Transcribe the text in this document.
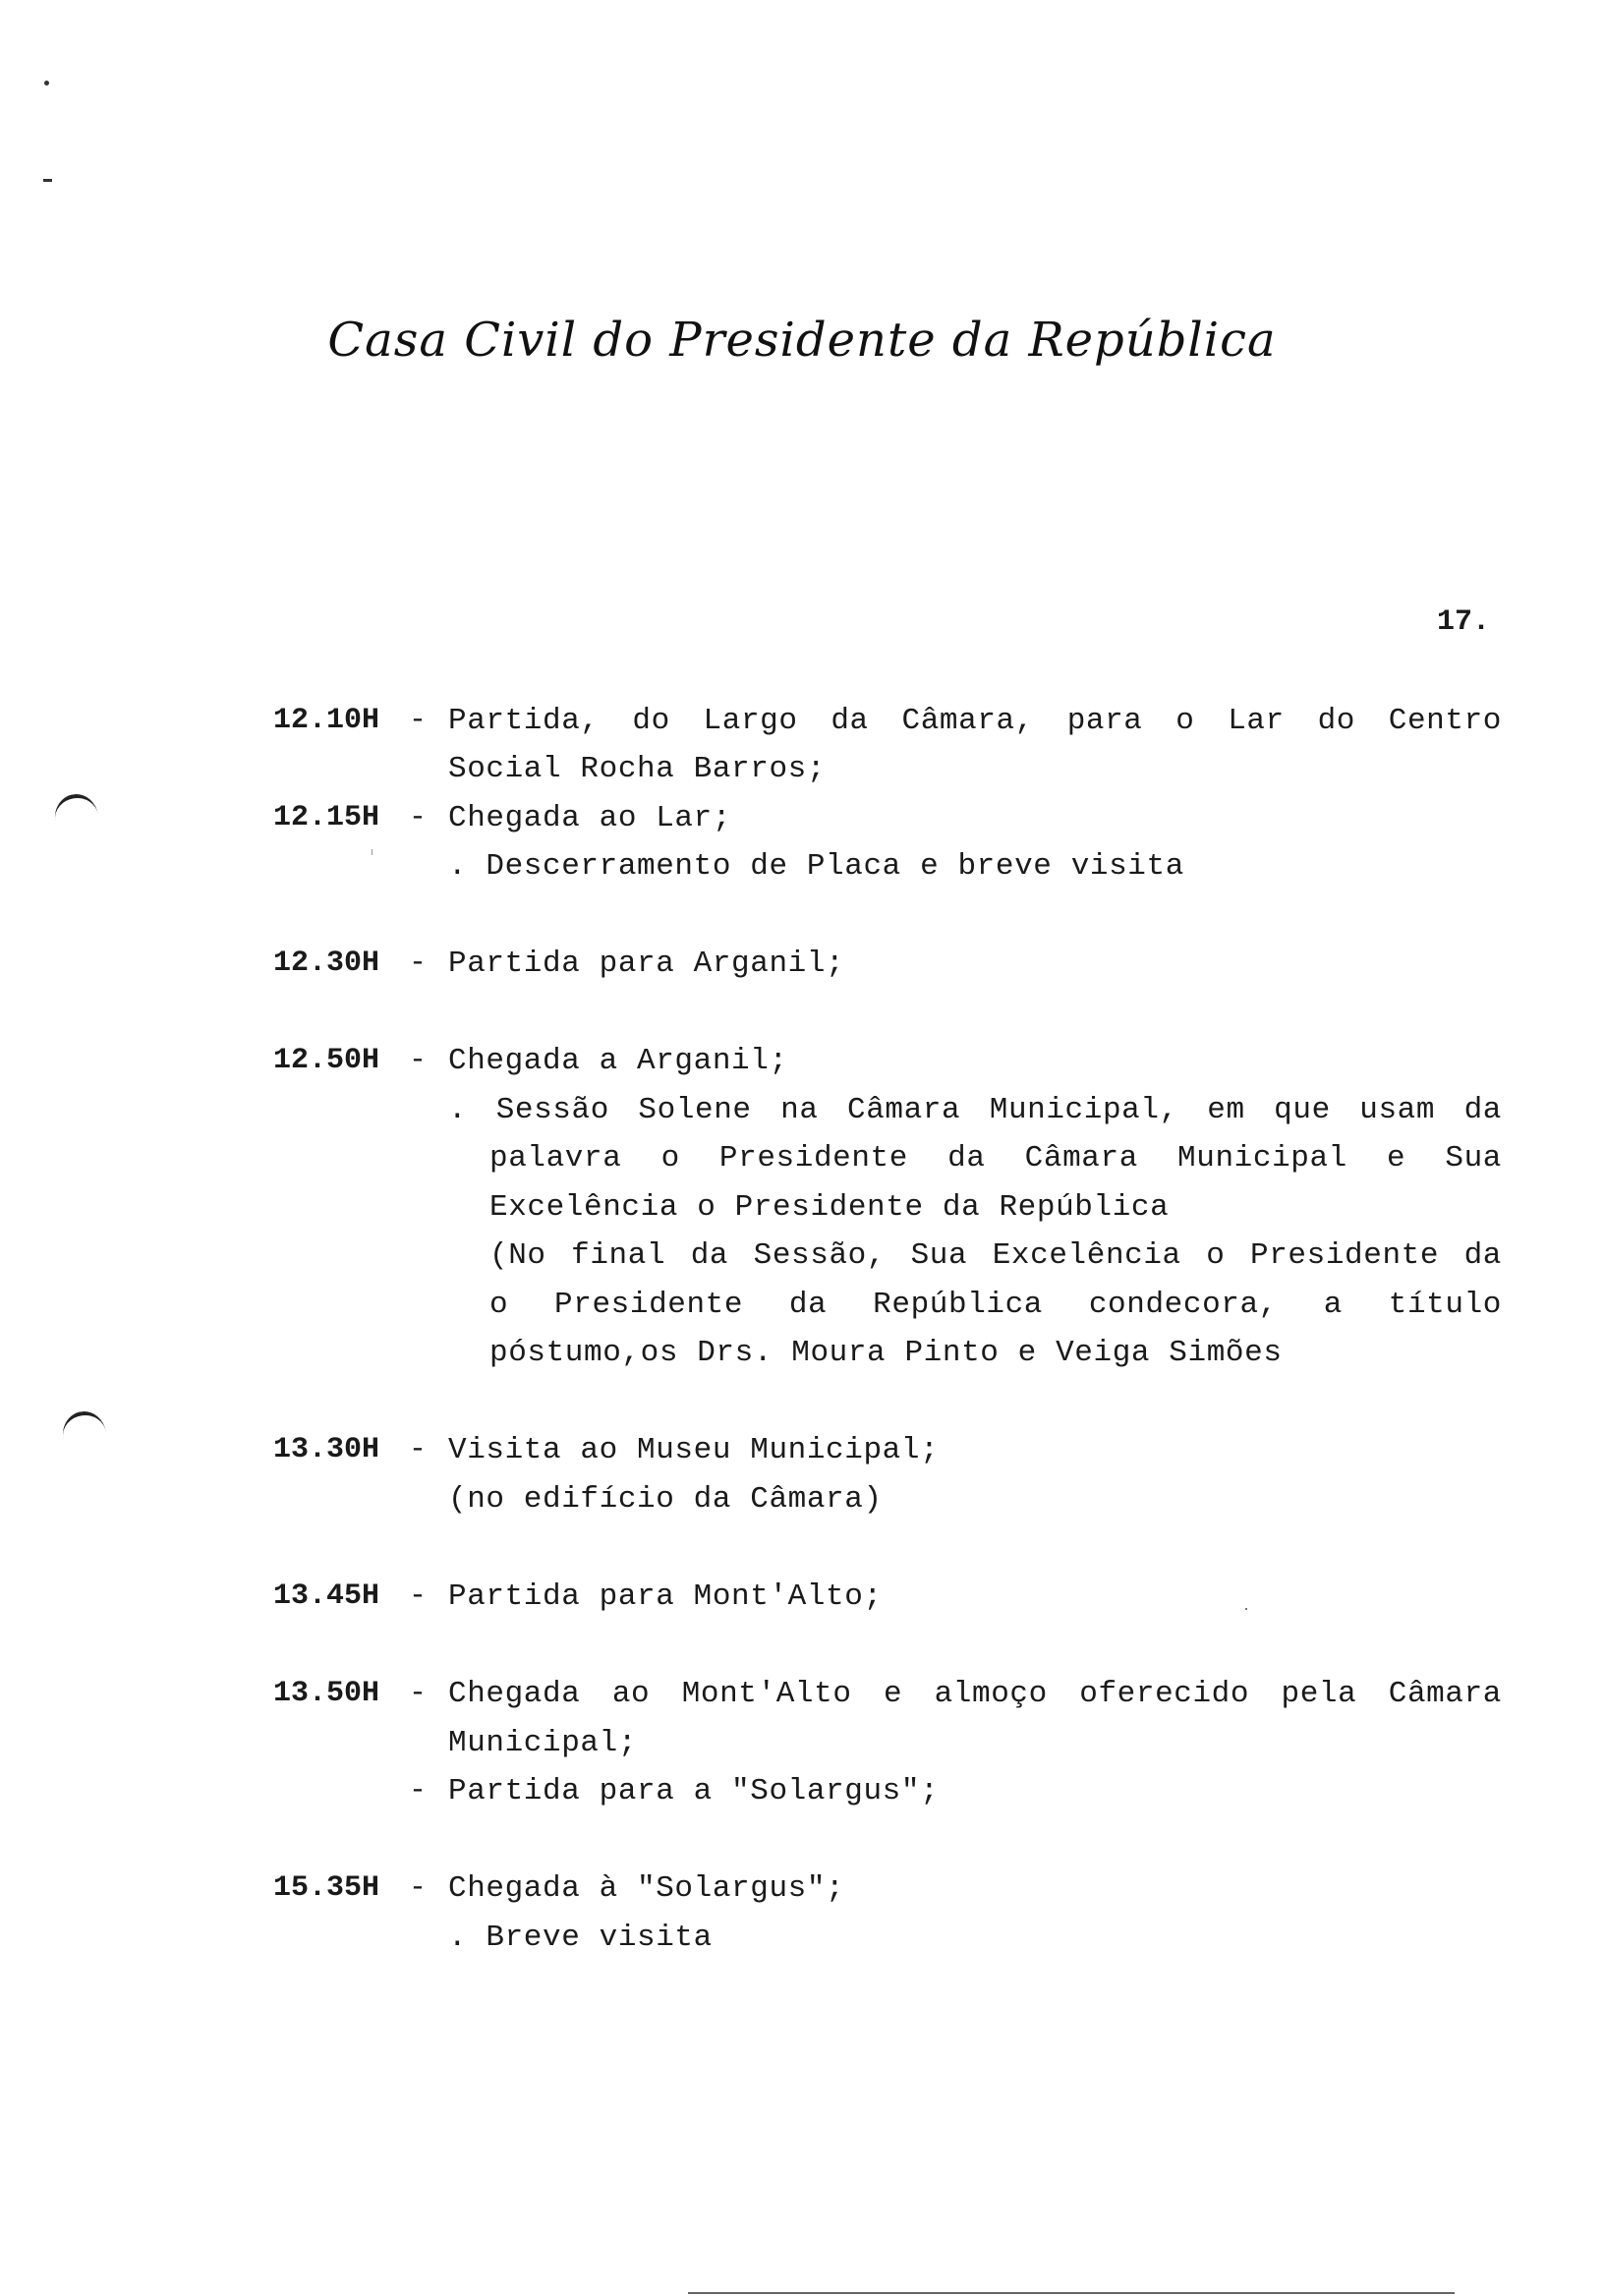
Casa Civil do Presidente da República
17.
12.10H - Partida, do Largo da Câmara, para o Lar do Centro
Social Rocha Barros;
12.15H - Chegada ao Lar;
. Descerramento de Placa e breve visita
12.30H - Partida para Arganil;
12.50H - Chegada a Arganil;
. Sessão Solene na Câmara Municipal, em que usam da
palavra o Presidente da Câmara Municipal e Sua
Excelência o Presidente da República
(No final da Sessão, Sua Excelência o Presidente da
o Presidente da República condecora, a título
póstumo,os Drs. Moura Pinto e Veiga Simões
13.30H - Visita ao Museu Municipal;
(no edifício da Câmara)
13.45H - Partida para Mont'Alto;
13.50H - Chegada ao Mont'Alto e almoço oferecido pela Câmara
Municipal;
- Partida para a "Solargus";
15.35H - Chegada à "Solargus";
. Breve visita
